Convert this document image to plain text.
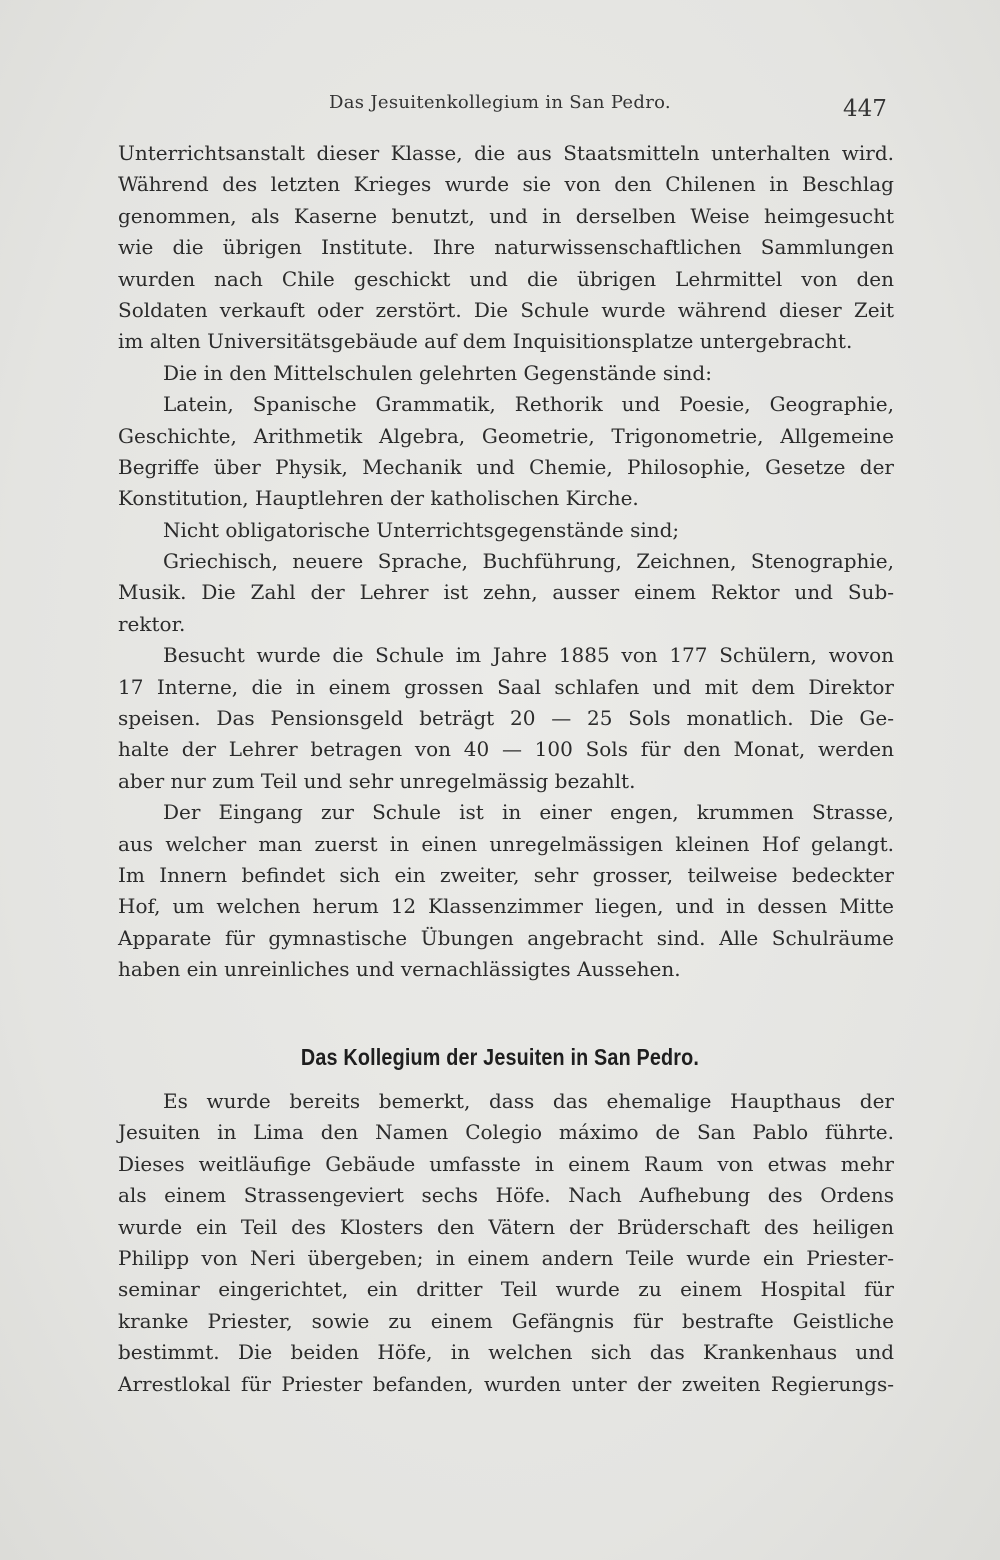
Das Jesuitenkollegium in San Pedro.	447
Unterrichtsanstalt dieser Klasse, die aus Staatsmitteln unterhalten wird.
Während des letzten Krieges wurde sie von den Chilenen in Beschlag
genommen, als Kaserne benutzt, und in derselben Weise heimgesucht
wie die übrigen Institute. Ihre naturwissenschaftlichen Sammlungen
wurden nach Chile geschickt und die übrigen Lehrmittel von den
Soldaten verkauft oder zerstört. Die Schule wurde während dieser Zeit
im alten Universitätsgebäude auf dem Inquisitionsplatze untergebracht.
Die in den Mittelschulen gelehrten Gegenstände sind:
Latein, Spanische Grammatik, Rethorik und Poesie, Geographie,
Geschichte, Arithmetik Algebra, Geometrie, Trigonometrie, Allgemeine
Begriffe über Physik, Mechanik und Chemie, Philosophie, Gesetze der
Konstitution, Hauptlehren der katholischen Kirche.
Nicht obligatorische Unterrichtsgegenstände sind;
Griechisch, neuere Sprache, Buchführung, Zeichnen, Stenographie,
Musik. Die Zahl der Lehrer ist zehn, ausser einem Rektor und Sub-
rektor.
Besucht wurde die Schule im Jahre 1885 von 177 Schülern, wovon
17 Interne, die in einem grossen Saal schlafen und mit dem Direktor
speisen. Das Pensionsgeld beträgt 20 — 25 Sols monatlich. Die Ge-
halte der Lehrer betragen von 40 — 100 Sols für den Monat, werden
aber nur zum Teil und sehr unregelmässig bezahlt.
Der Eingang zur Schule ist in einer engen, krummen Strasse,
aus welcher man zuerst in einen unregelmässigen kleinen Hof gelangt.
Im Innern befindet sich ein zweiter, sehr grosser, teilweise bedeckter
Hof, um welchen herum 12 Klassenzimmer liegen, und in dessen Mitte
Apparate für gymnastische Übungen angebracht sind. Alle Schulräume
haben ein unreinliches und vernachlässigtes Aussehen.
Das Kollegium der Jesuiten in San Pedro.
Es wurde bereits bemerkt, dass das ehemalige Haupthaus der
Jesuiten in Lima den Namen Colegio máximo de San Pablo führte.
Dieses weitläufige Gebäude umfasste in einem Raum von etwas mehr
als einem Strassengeviert sechs Höfe. Nach Aufhebung des Ordens
wurde ein Teil des Klosters den Vätern der Brüderschaft des heiligen
Philipp von Neri übergeben; in einem andern Teile wurde ein Priester-
seminar eingerichtet, ein dritter Teil wurde zu einem Hospital für
kranke Priester, sowie zu einem Gefängnis für bestrafte Geistliche
bestimmt. Die beiden Höfe, in welchen sich das Krankenhaus und
Arrestlokal für Priester befanden, wurden unter der zweiten Regierungs-
